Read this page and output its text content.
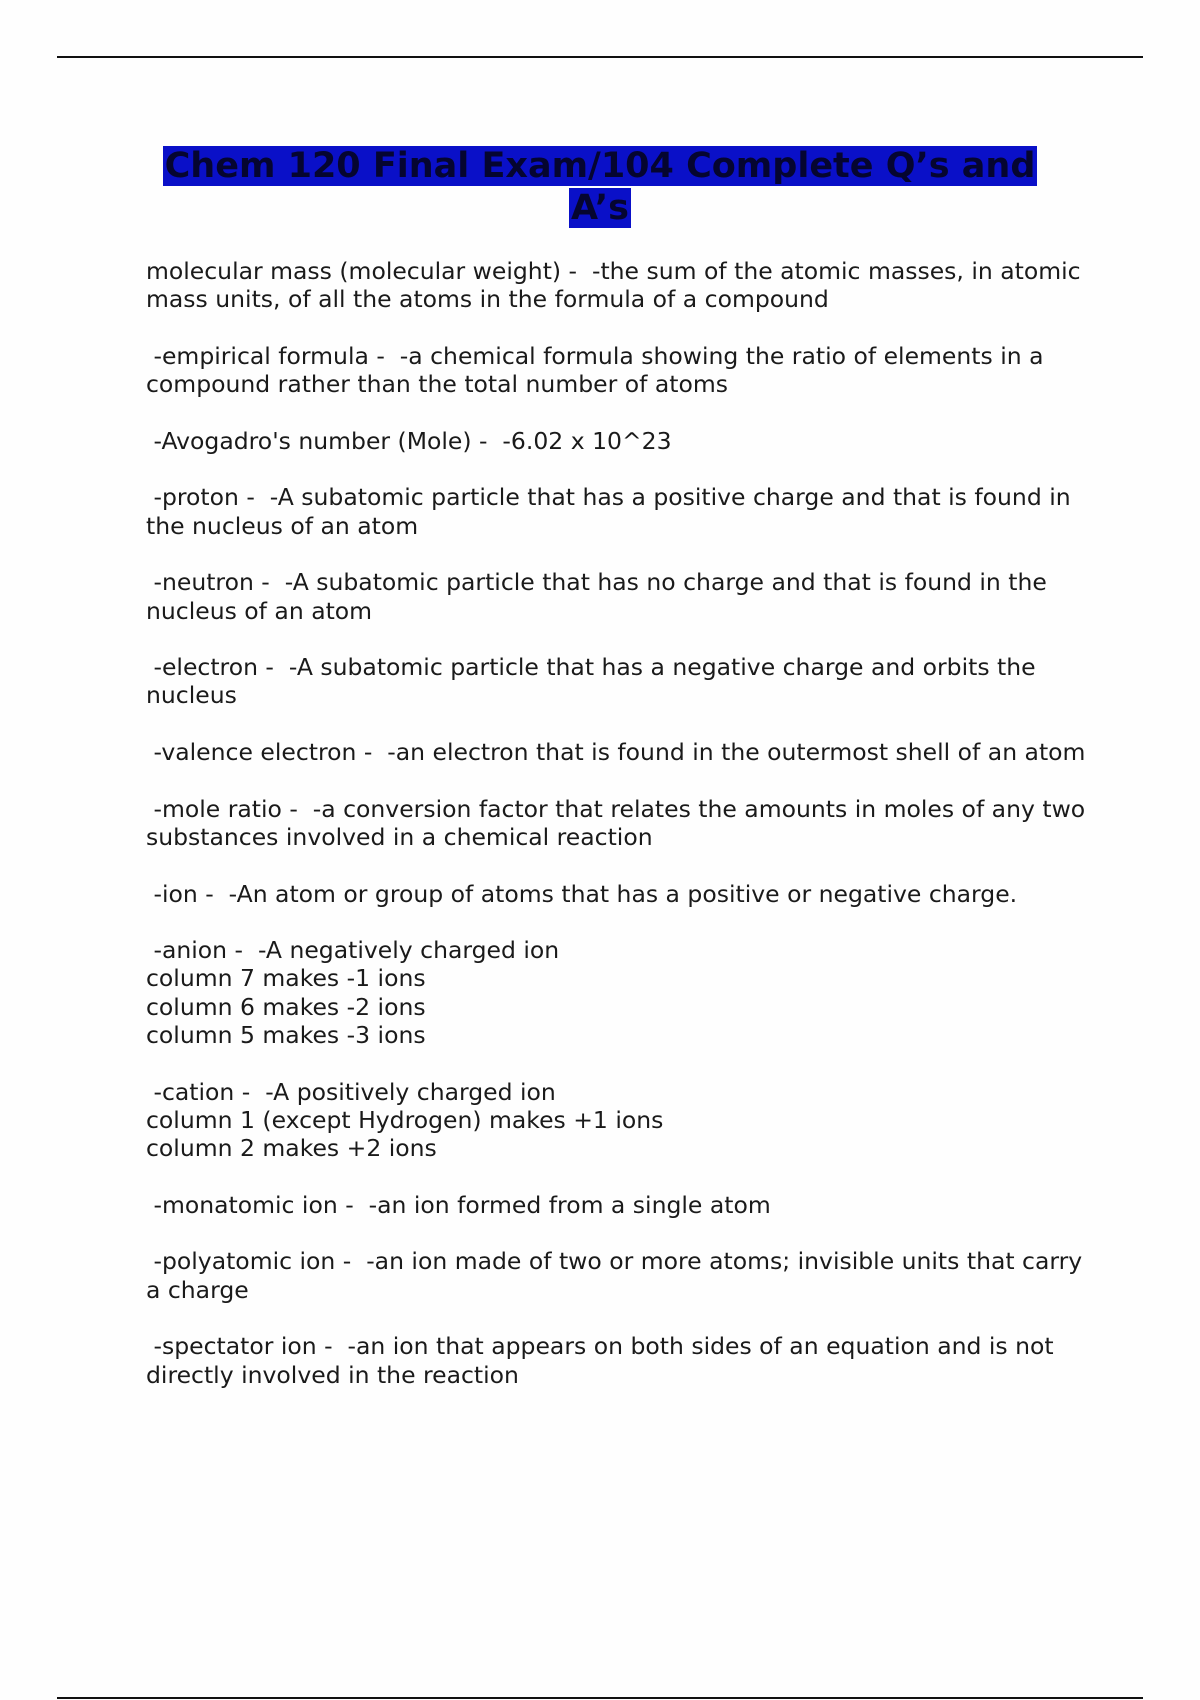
Chem 120 Final Exam/104 Complete Q’s and A’s
molecular mass (molecular weight) -  -the sum of the atomic masses, in atomic mass units, of all the atoms in the formula of a compound
-empirical formula -  -a chemical formula showing the ratio of elements in a compound rather than the total number of atoms
-Avogadro's number (Mole) -  -6.02 x 10^23
-proton -  -A subatomic particle that has a positive charge and that is found in the nucleus of an atom
-neutron -  -A subatomic particle that has no charge and that is found in the nucleus of an atom
-electron -  -A subatomic particle that has a negative charge and orbits the nucleus
-valence electron -  -an electron that is found in the outermost shell of an atom
-mole ratio -  -a conversion factor that relates the amounts in moles of any two substances involved in a chemical reaction
-ion -  -An atom or group of atoms that has a positive or negative charge.
-anion -  -A negatively charged ion
column 7 makes -1 ions
column 6 makes -2 ions
column 5 makes -3 ions
-cation -  -A positively charged ion
column 1 (except Hydrogen) makes +1 ions
column 2 makes +2 ions
-monatomic ion -  -an ion formed from a single atom
-polyatomic ion -  -an ion made of two or more atoms; invisible units that carry a charge
-spectator ion -  -an ion that appears on both sides of an equation and is not directly involved in the reaction
